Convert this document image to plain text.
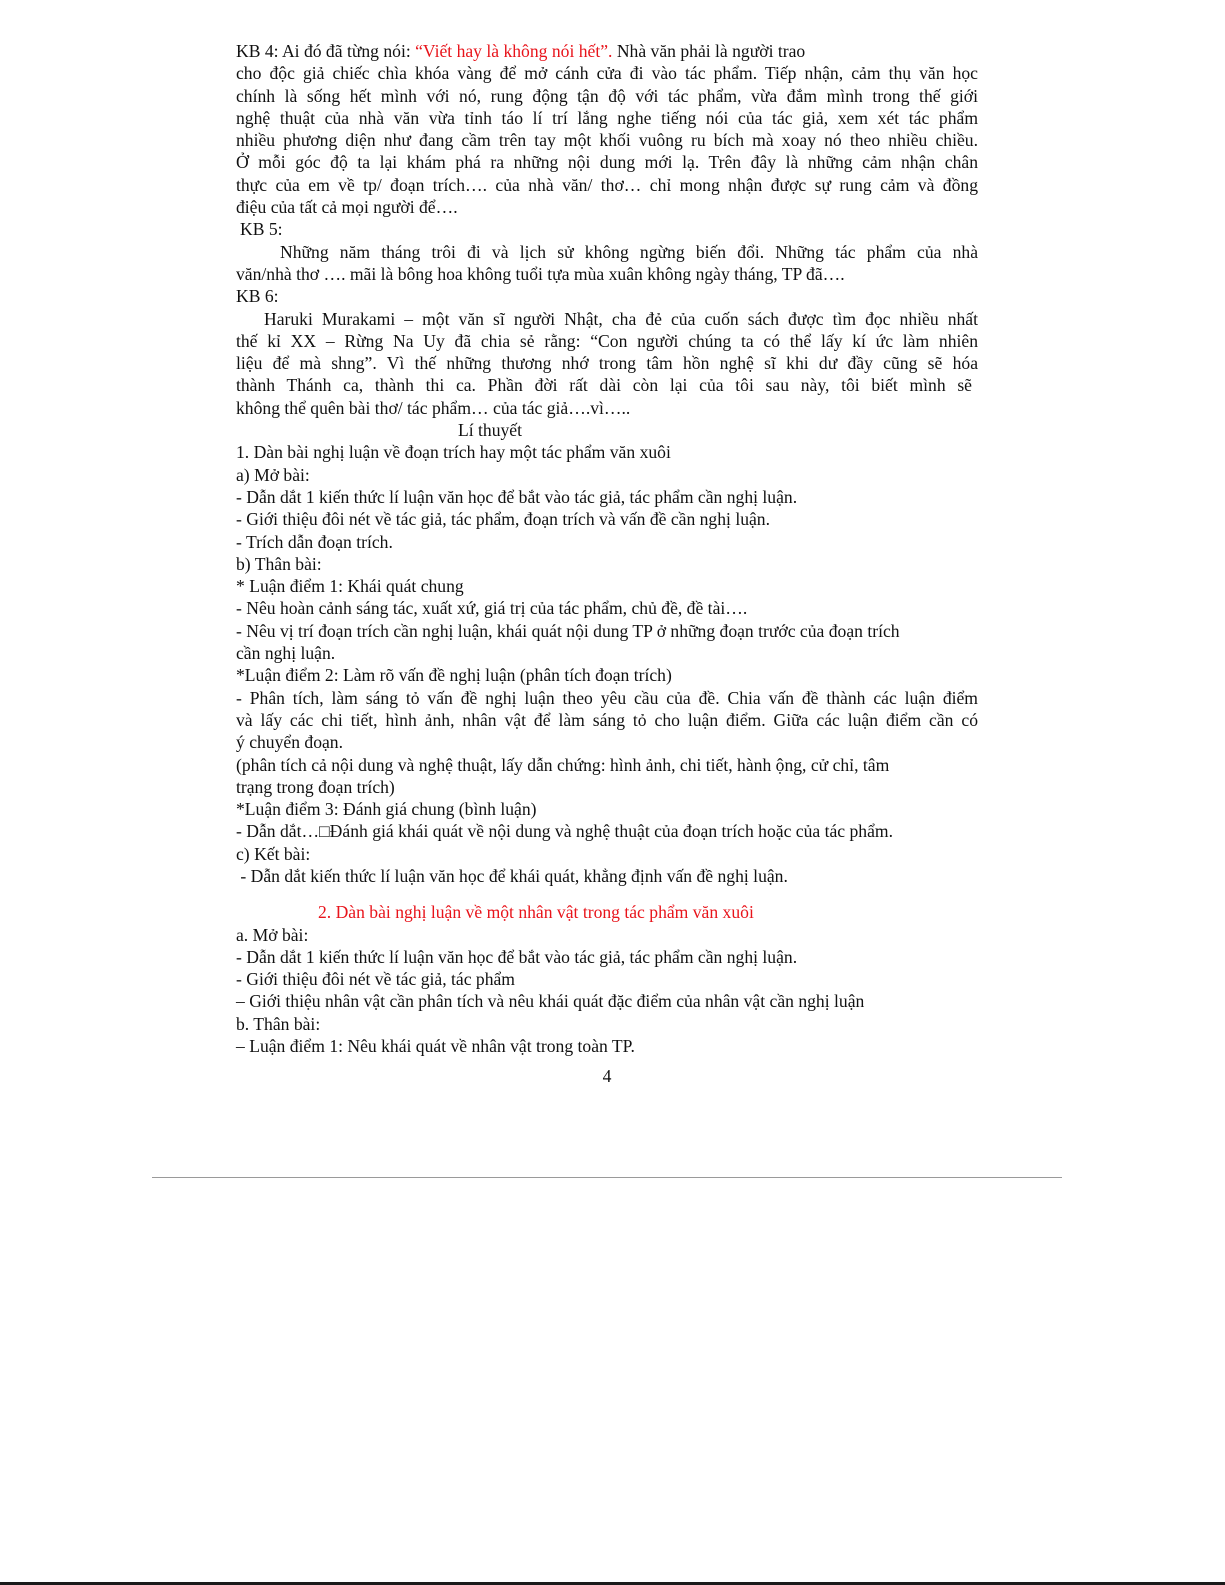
KB 4: Ai đó đã từng nói: “Viết hay là không nói hết”. Nhà văn phải là người trao
cho độc giả chiếc chìa khóa vàng để mở cánh cửa đi vào tác phẩm. Tiếp nhận, cảm thụ văn học
chính là sống hết mình với nó, rung động tận độ với tác phẩm, vừa đắm mình trong thế giới
nghệ thuật của nhà văn vừa tỉnh táo lí trí lắng nghe tiếng nói của tác giả, xem xét tác phẩm
nhiều phương diện như đang cầm trên tay một khối vuông ru bích mà xoay nó theo nhiều chiều.
Ở mỗi góc độ ta lại khám phá ra những nội dung mới lạ. Trên đây là những cảm nhận chân
thực của em về tp/ đoạn trích…. của nhà văn/ thơ… chỉ mong nhận được sự rung cảm và đồng
điệu của tất cả mọi người để….
KB 5:
Những năm tháng trôi đi và lịch sử không ngừng biến đổi. Những tác phẩm của nhà
văn/nhà thơ …. mãi là bông hoa không tuổi tựa mùa xuân không ngày tháng, TP đã….
KB 6:
Haruki Murakami – một văn sĩ người Nhật, cha đẻ của cuốn sách được tìm đọc nhiều nhất
thế kỉ XX – Rừng Na Uy đã chia sẻ rằng: “Con người chúng ta có thể lấy kí ức làm nhiên
liệu để mà shng”. Vì thế những thương nhớ trong tâm hồn nghệ sĩ khi dư đầy cũng sẽ hóa
thành Thánh ca, thành thi ca. Phần đời rất dài còn lại của tôi sau này, tôi biết mình sẽ
không thể quên bài thơ/ tác phẩm… của tác giả….vì…..
Lí thuyết
1. Dàn bài nghị luận về đoạn trích hay một tác phẩm văn xuôi
a) Mở bài:
- Dẫn dắt 1 kiến thức lí luận văn học để bắt vào tác giả, tác phẩm cần nghị luận.
- Giới thiệu đôi nét về tác giả, tác phẩm, đoạn trích và vấn đề cần nghị luận.
- Trích dẫn đoạn trích.
b) Thân bài:
* Luận điểm 1: Khái quát chung
- Nêu hoàn cảnh sáng tác, xuất xứ, giá trị của tác phẩm, chủ đề, đề tài….
- Nêu vị trí đoạn trích cần nghị luận, khái quát nội dung TP ở những đoạn trước của đoạn trích
cần nghị luận.
*Luận điểm 2: Làm rõ vấn đề nghị luận (phân tích đoạn trích)
- Phân tích, làm sáng tỏ vấn đề nghị luận theo yêu cầu của đề. Chia vấn đề thành các luận điểm
và lấy các chi tiết, hình ảnh, nhân vật để làm sáng tỏ cho luận điểm. Giữa các luận điểm cần có
ý chuyển đoạn.
(phân tích cả nội dung và nghệ thuật, lấy dẫn chứng: hình ảnh, chi tiết, hành ộng, cử chỉ, tâm
trạng trong đoạn trích)
*Luận điểm 3: Đánh giá chung (bình luận)
- Dẫn dắt…□Đánh giá khái quát về nội dung và nghệ thuật của đoạn trích hoặc của tác phẩm.
c) Kết bài:
- Dẫn dắt kiến thức lí luận văn học để khái quát, khẳng định vấn đề nghị luận.
2. Dàn bài nghị luận về một nhân vật trong tác phẩm văn xuôi
a. Mở bài:
- Dẫn dắt 1 kiến thức lí luận văn học để bắt vào tác giả, tác phẩm cần nghị luận.
- Giới thiệu đôi nét về tác giả, tác phẩm
– Giới thiệu nhân vật cần phân tích và nêu khái quát đặc điểm của nhân vật cần nghị luận
b. Thân bài:
– Luận điểm 1: Nêu khái quát về nhân vật trong toàn TP.
4
